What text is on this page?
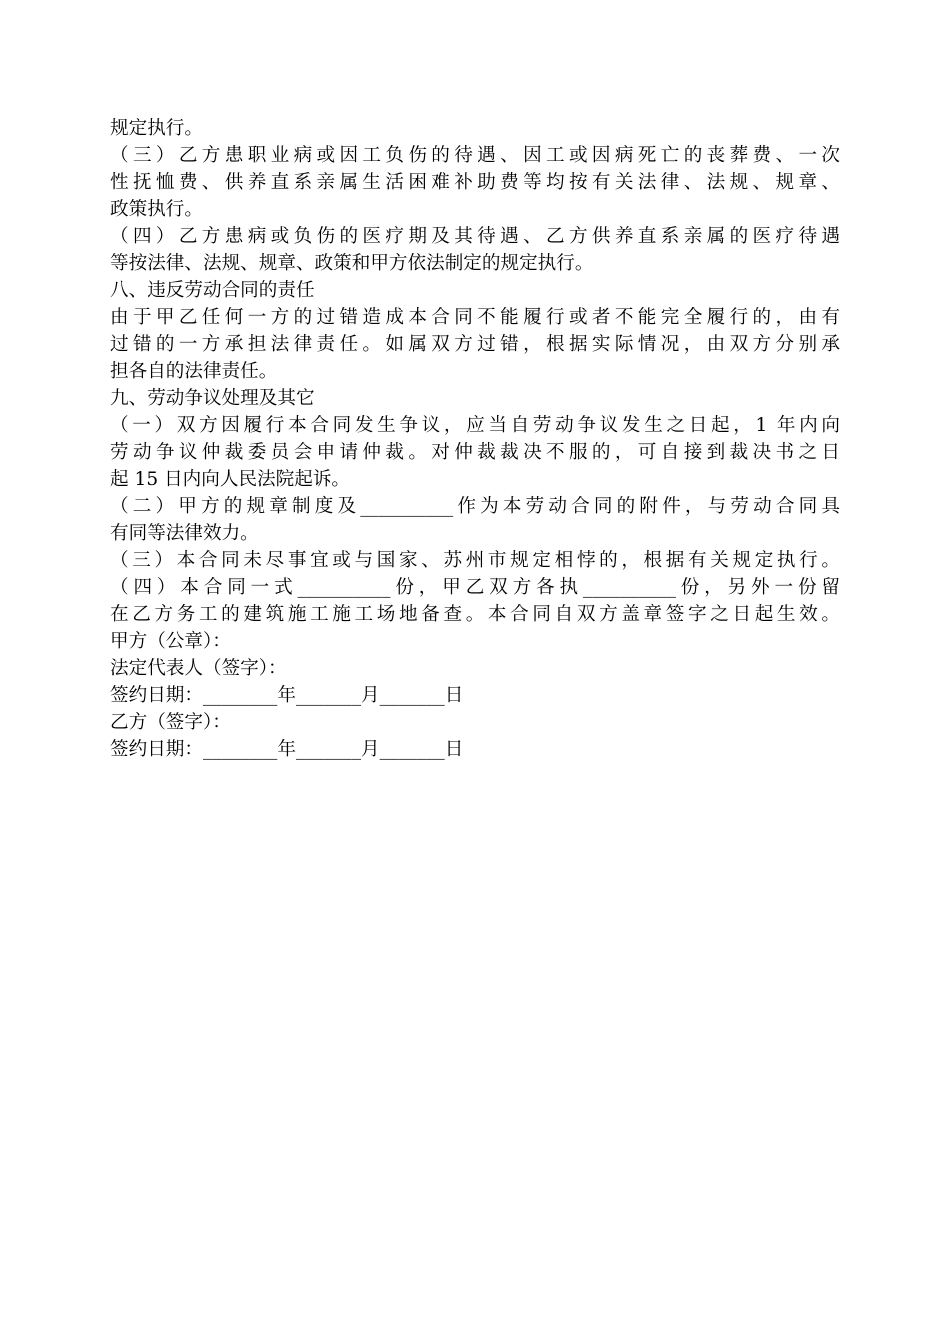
规定执行。
（三）乙方患职业病或因工负伤的待遇、因工或因病死亡的丧葬费、一次
性抚恤费、供养直系亲属生活困难补助费等均按有关法律、法规、规章、
政策执行。
（四）乙方患病或负伤的医疗期及其待遇、乙方供养直系亲属的医疗待遇
等按法律、法规、规章、政策和甲方依法制定的规定执行。
八、违反劳动合同的责任
由于甲乙任何一方的过错造成本合同不能履行或者不能完全履行的，由有
过错的一方承担法律责任。如属双方过错，根据实际情况，由双方分别承
担各自的法律责任。
九、劳动争议处理及其它
（一）双方因履行本合同发生争议，应当自劳动争议发生之日起，1 年内向
劳动争议仲裁委员会申请仲裁。对仲裁裁决不服的，可自接到裁决书之日
起 15 日内向人民法院起诉。
（二）甲方的规章制度及__________作为本劳动合同的附件，与劳动合同具
有同等法律效力。
（三）本合同未尽事宜或与国家、苏州市规定相悖的，根据有关规定执行。
（四）本合同一式__________份，甲乙双方各执__________份，另外一份留
在乙方务工的建筑施工施工场地备查。本合同自双方盖章签字之日起生效。
甲方（公章）：
法定代表人（签字）：
签约日期：________年_______月_______日
乙方（签字）：
签约日期：________年_______月_______日
